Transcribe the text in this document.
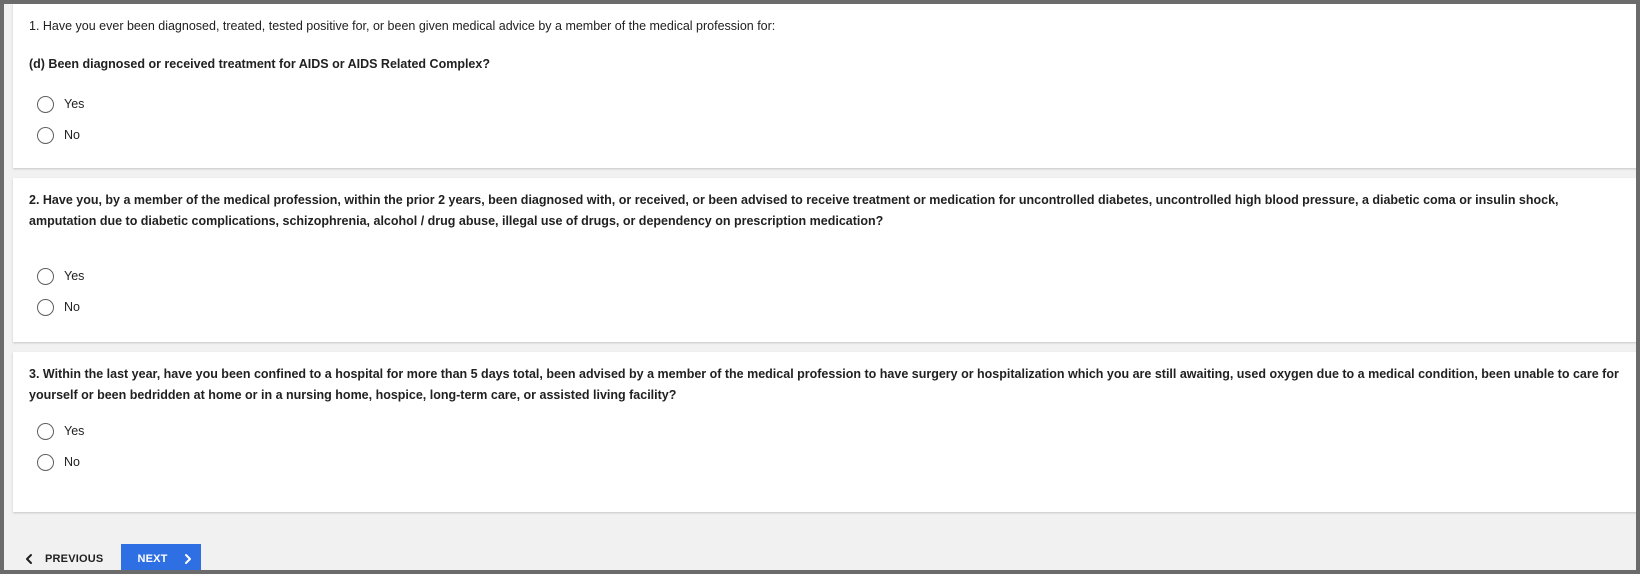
1. Have you ever been diagnosed, treated, tested positive for, or been given medical advice by a member of the medical profession for:
(d) Been diagnosed or received treatment for AIDS or AIDS Related Complex?
Yes
No
2. Have you, by a member of the medical profession, within the prior 2 years, been diagnosed with, or received, or been advised to receive treatment or medication for uncontrolled diabetes, uncontrolled high blood pressure, a diabetic coma or insulin shock, amputation due to diabetic complications, schizophrenia, alcohol / drug abuse, illegal use of drugs, or dependency on prescription medication?
Yes
No
3. Within the last year, have you been confined to a hospital for more than 5 days total, been advised by a member of the medical profession to have surgery or hospitalization which you are still awaiting, used oxygen due to a medical condition, been unable to care for yourself or been bedridden at home or in a nursing home, hospice, long-term care, or assisted living facility?
Yes
No
PREVIOUS	NEXT
